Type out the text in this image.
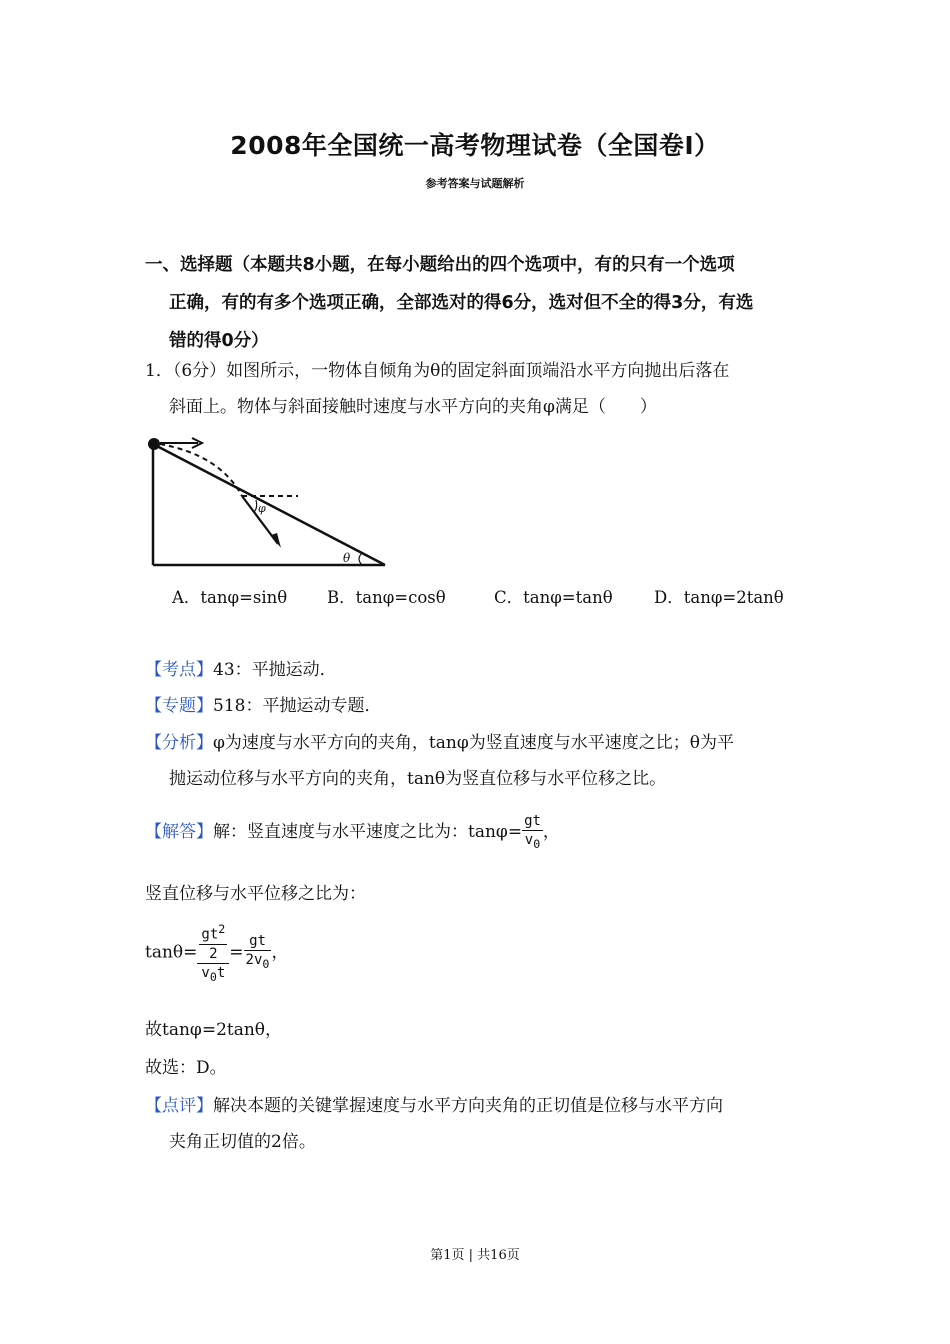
2008年全国统一高考物理试卷（全国卷I）
参考答案与试题解析
一、选择题（本题共8小题，在每小题给出的四个选项中，有的只有一个选项
正确，有的有多个选项正确，全部选对的得6分，选对但不全的得3分，有选
错的得0分）
1．（6分）如图所示，一物体自倾角为θ的固定斜面顶端沿水平方向抛出后落在
斜面上。物体与斜面接触时速度与水平方向的夹角φ满足（　　）
φ
θ
A．tanφ=sinθ B．tanφ=cosθ	C．tanφ=tanθ	D．tanφ=2tanθ
【考点】43：平抛运动．
【专题】518：平抛运动专题．
【分析】φ为速度与水平方向的夹角，tanφ为竖直速度与水平速度之比；θ为平
抛运动位移与水平方向的夹角，tanθ为竖直位移与水平位移之比。
【解答】解：竖直速度与水平速度之比为：$\tan\varphi= \frac{gt}{v_0}$ ，
竖直位移与水平位移之比为：
$\tan\theta= \frac{\frac{gt^2}{2}}{v_0t} = \frac{gt}{2v_0}$ ，
故tanφ=2tanθ，
故选：D。
【点评】解决本题的关键掌握速度与水平方向夹角的正切值是位移与水平方向
夹角正切值的2倍。
第1页 | 共16页
